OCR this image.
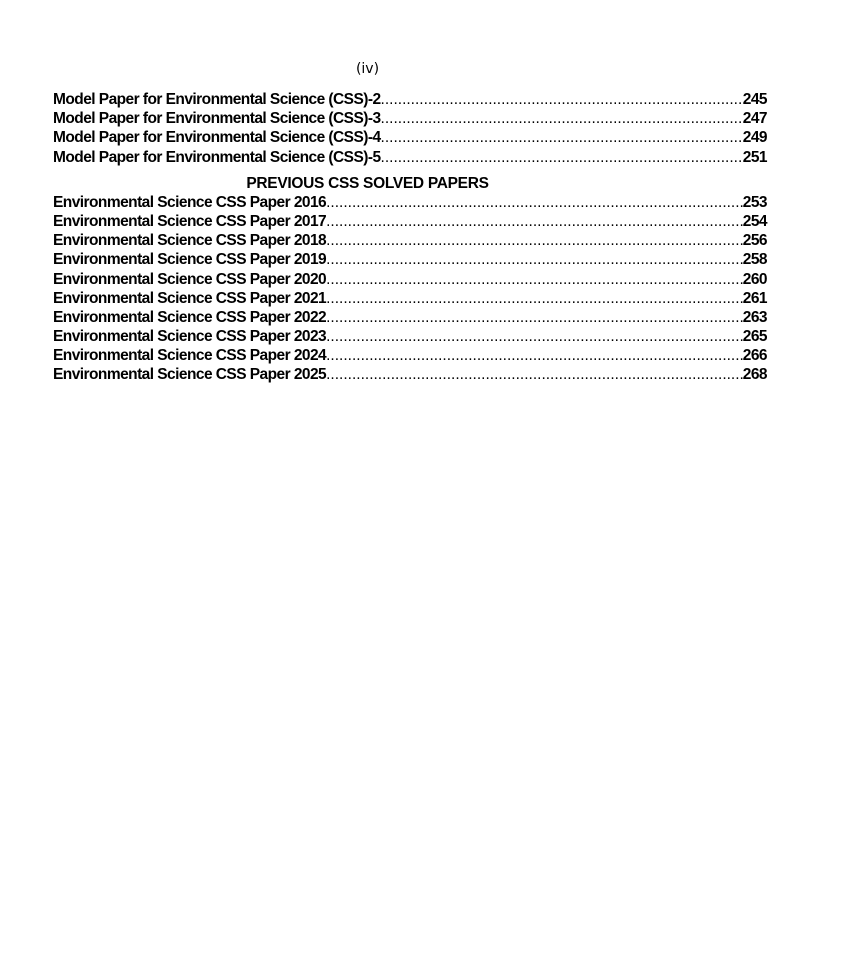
(iv)
Model Paper for Environmental Science (CSS)-2 .....	245
Model Paper for Environmental Science (CSS)-3 .....	247
Model Paper for Environmental Science (CSS)-4 .....	249
Model Paper for Environmental Science (CSS)-5 .....	251
PREVIOUS CSS SOLVED PAPERS
Environmental Science CSS Paper 2016 .....	253
Environmental Science CSS Paper 2017 .....	254
Environmental Science CSS Paper 2018 .....	256
Environmental Science CSS Paper 2019 .....	258
Environmental Science CSS Paper 2020 .....	260
Environmental Science CSS Paper 2021 .....	261
Environmental Science CSS Paper 2022 .....	263
Environmental Science CSS Paper 2023 .....	265
Environmental Science CSS Paper 2024 .....	266
Environmental Science CSS Paper 2025 .....	268
